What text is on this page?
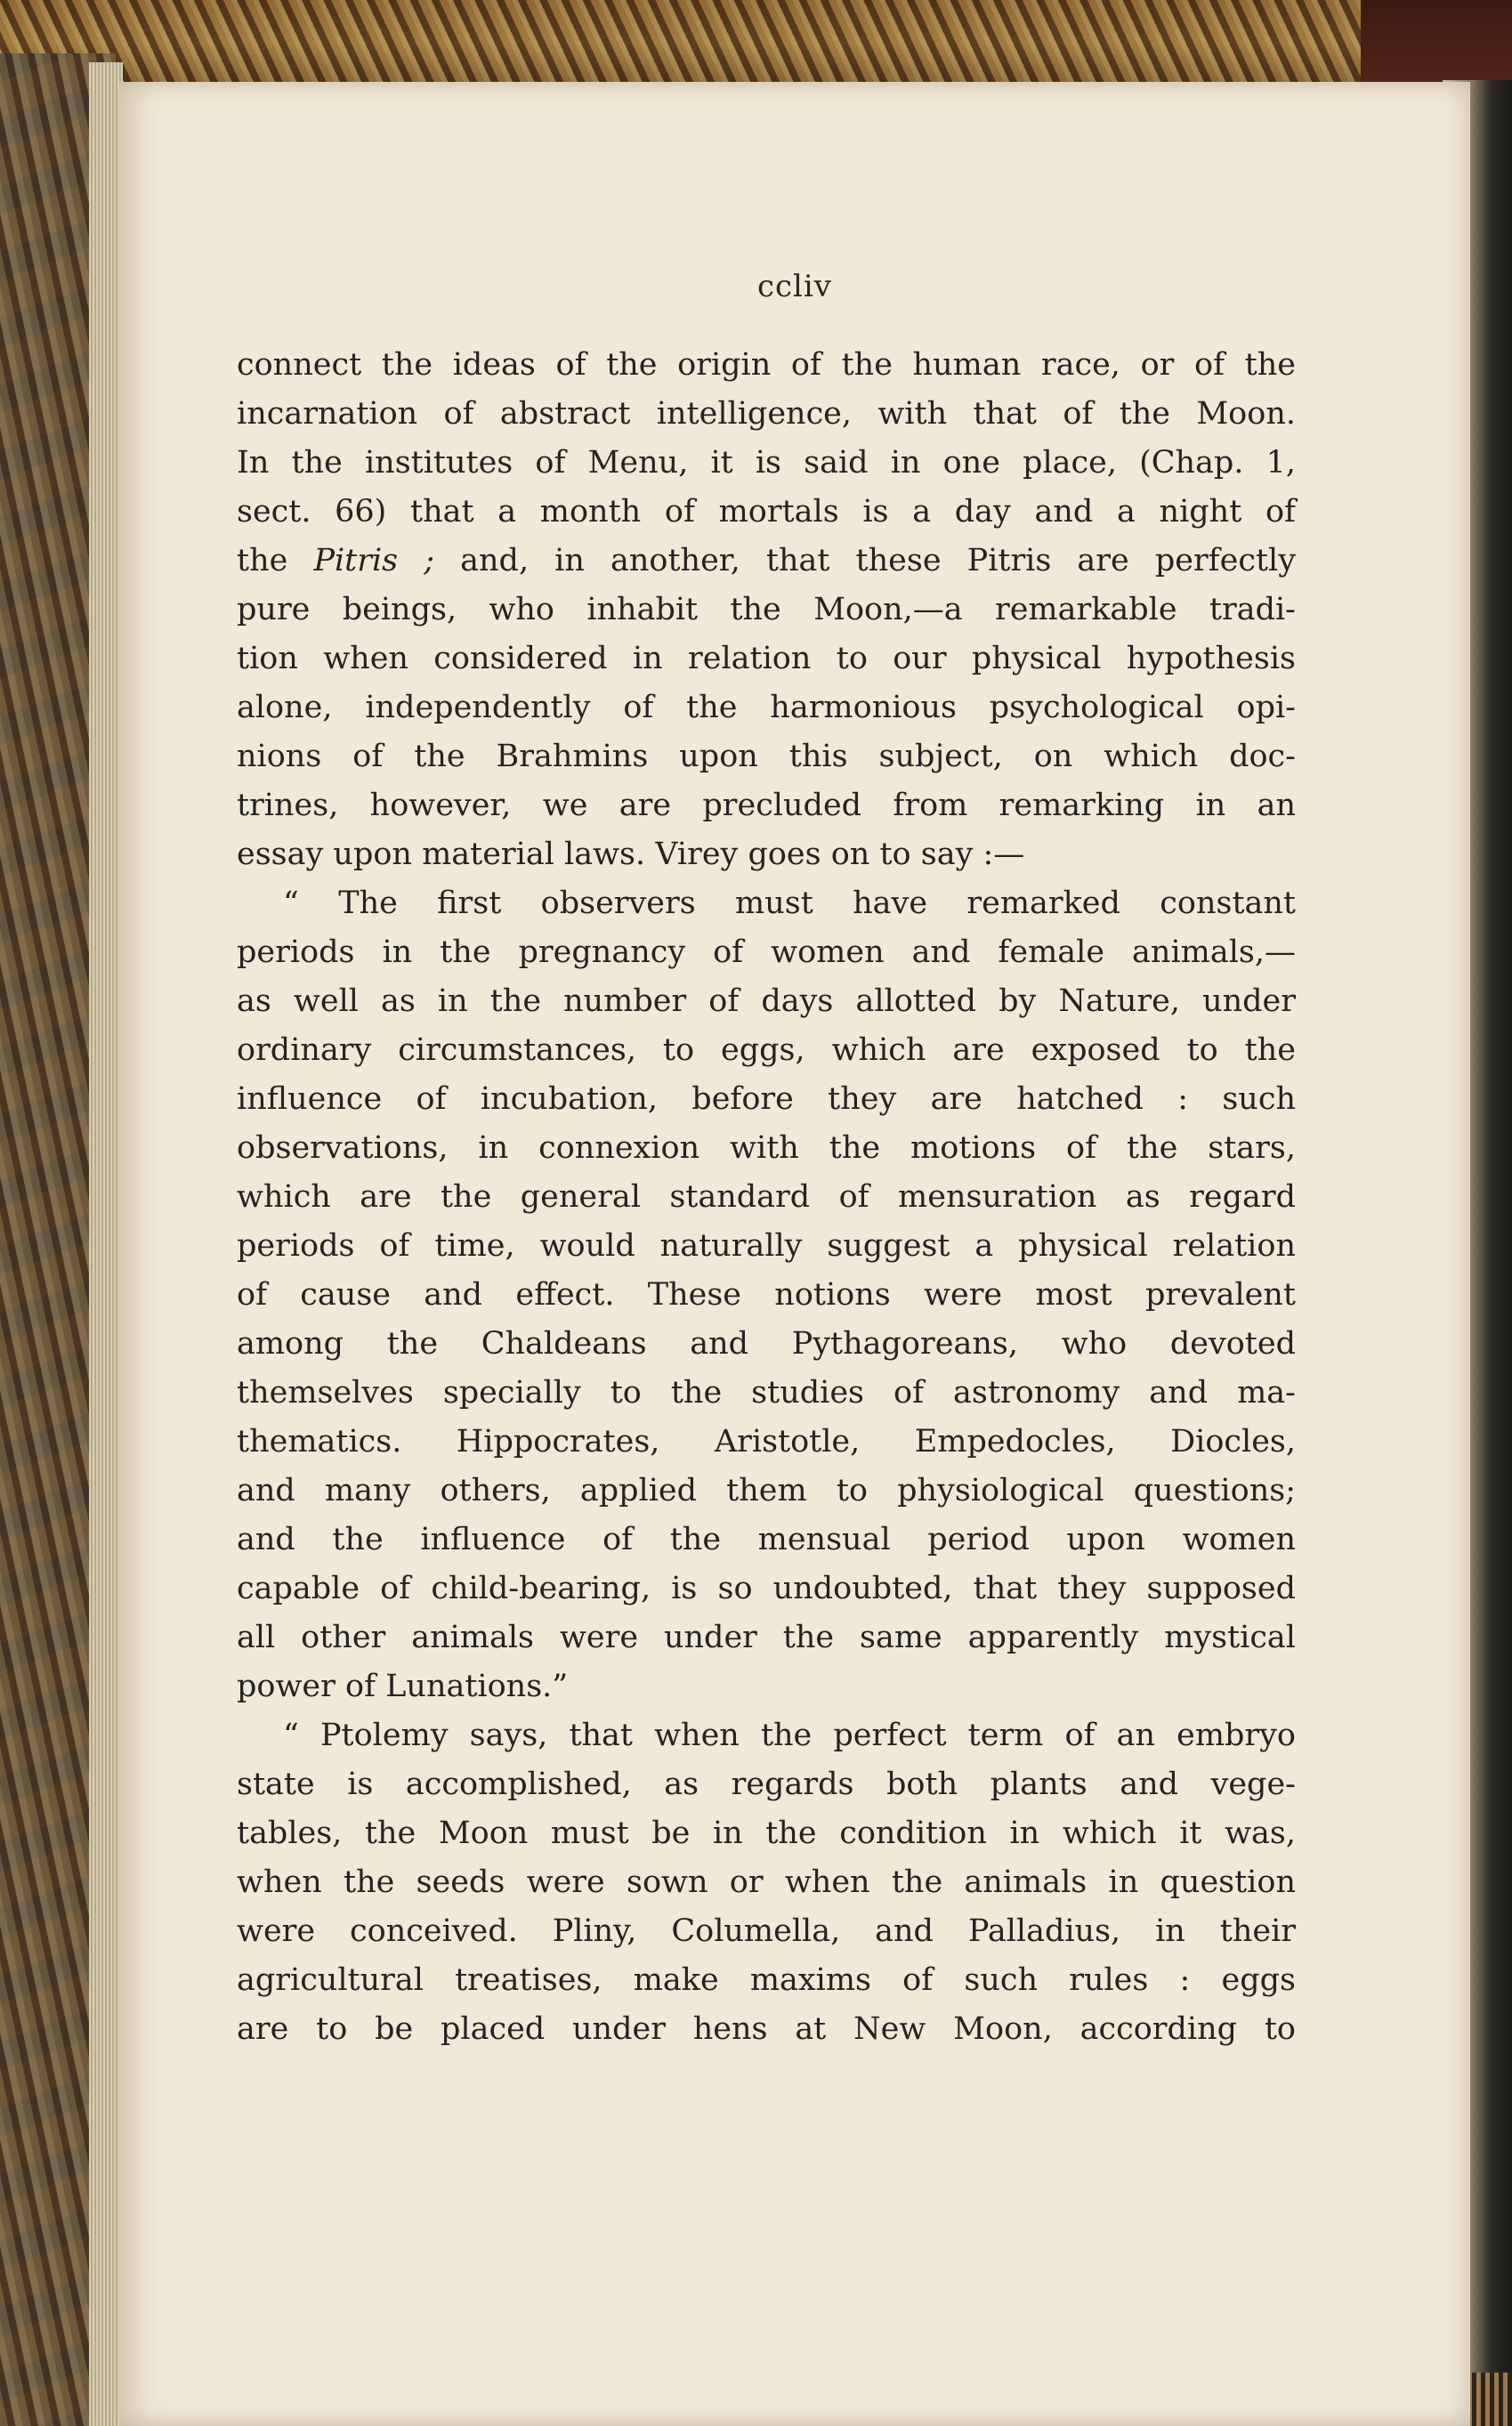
ccliv
connect the ideas of the origin of the human race, or of the
incarnation of abstract intelligence, with that of the Moon.
In the institutes of Menu, it is said in one place, (Chap. 1,
sect. 66) that a month of mortals is a day and a night of
the Pitris ; and, in another, that these Pitris are perfectly
pure beings, who inhabit the Moon,—a remarkable tradi-
tion when considered in relation to our physical hypothesis
alone, independently of the harmonious psychological opi-
nions of the Brahmins upon this subject, on which doc-
trines, however, we are precluded from remarking in an
essay upon material laws. Virey goes on to say :—
“ The first observers must have remarked constant
periods in the pregnancy of women and female animals,—
as well as in the number of days allotted by Nature, under
ordinary circumstances, to eggs, which are exposed to the
influence of incubation, before they are hatched : such
observations, in connexion with the motions of the stars,
which are the general standard of mensuration as regard
periods of time, would naturally suggest a physical relation
of cause and effect. These notions were most prevalent
among the Chaldeans and Pythagoreans, who devoted
themselves specially to the studies of astronomy and ma-
thematics. Hippocrates, Aristotle, Empedocles, Diocles,
and many others, applied them to physiological questions;
and the influence of the mensual period upon women
capable of child-bearing, is so undoubted, that they supposed
all other animals were under the same apparently mystical
power of Lunations.”
“ Ptolemy says, that when the perfect term of an embryo
state is accomplished, as regards both plants and vege-
tables, the Moon must be in the condition in which it was,
when the seeds were sown or when the animals in question
were conceived. Pliny, Columella, and Palladius, in their
agricultural treatises, make maxims of such rules : eggs
are to be placed under hens at New Moon, according to
